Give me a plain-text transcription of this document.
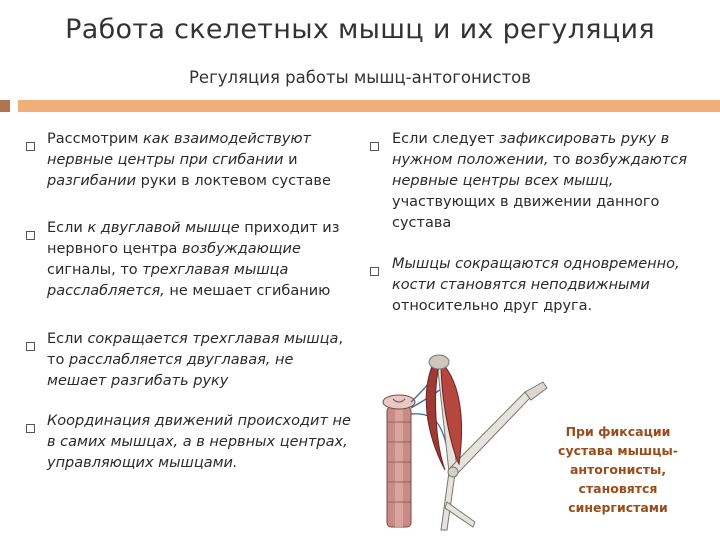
Работа скелетных мышц и их регуляция
Регуляция работы мышц-антогонистов
Рассмотрим как взаимодействуют нервные центры при сгибании и разгибании руки в локтевом суставе
Если к двуглавой мышце приходит из нервного центра возбуждающие сигналы, то трехглавая мышца расслабляется, не мешает сгибанию
Если сокращается трехглавая мышца, то расслабляется двуглавая, не мешает разгибать руку
Координация движений происходит не в самих мышцах, а в нервных центрах, управляющих мышцами.
Если следует зафиксировать руку в нужном положении, то возбуждаются нервные центры всех мышц, участвующих в движении данного сустава
Мышцы сокращаются одновременно, кости становятся неподвижными относительно друг друга.
При фиксации сустава мышцы-антогонисты, становятся синергистами
